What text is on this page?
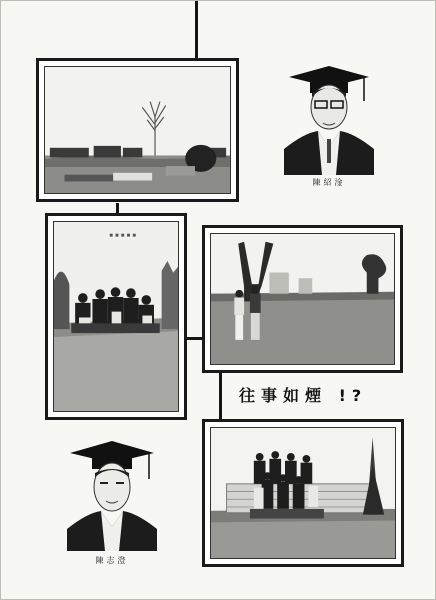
陳紹淦
往事如煙 !?
陳志澄
